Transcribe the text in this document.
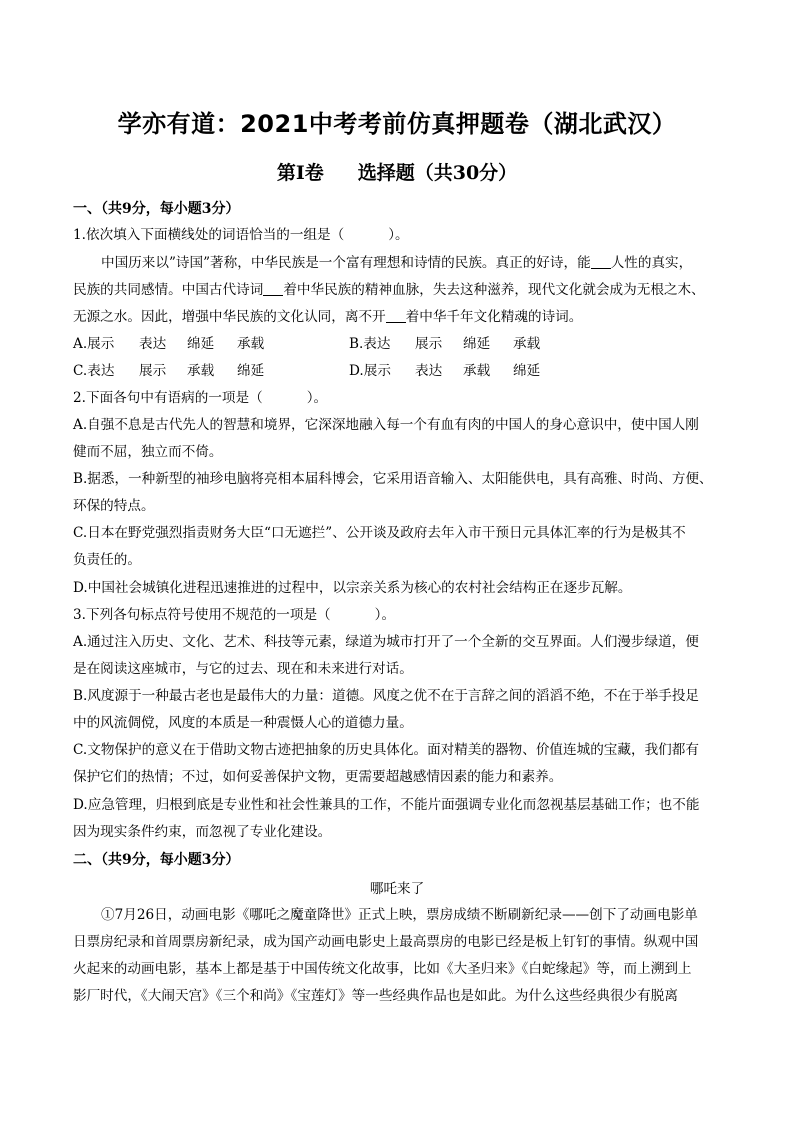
学亦有道：2021中考考前仿真押题卷（湖北武汉）
第Ⅰ卷 选择题（共30分）
一、（共9分，每小题3分）
1.依次填入下面横线处的词语恰当的一组是（	）。
中国历来以”诗国”著称，中华民族是一个富有理想和诗情的民族。真正的好诗，能 人性的真实，
民族的共同感情。中国古代诗词 着中华民族的精神血脉，失去这种滋养，现代文化就会成为无根之木、
无源之水。因此，增强中华民族的文化认同，离不开 着中华千年文化精魂的诗词。
A.展示 表达 绵延 承载	B.表达 展示 绵延 承载
C.表达 展示 承载 绵延	D.展示 表达 承载 绵延
2.下面各句中有语病的一项是（	）。
A.自强不息是古代先人的智慧和境界，它深深地融入每一个有血有肉的中国人的身心意识中，使中国人刚
健而不屈，独立而不倚。
B.据悉，一种新型的袖珍电脑将亮相本届科博会，它采用语音输入、太阳能供电，具有高雅、时尚、方便、
环保的特点。
C.日本在野党强烈指责财务大臣“口无遮拦”、公开谈及政府去年入市干预日元具体汇率的行为是极其不
负责任的。
D.中国社会城镇化进程迅速推进的过程中，以宗亲关系为核心的农村社会结构正在逐步瓦解。
3.下列各句标点符号使用不规范的一项是（	）。
A.通过注入历史、文化、艺术、科技等元素，绿道为城市打开了一个全新的交互界面。人们漫步绿道，便
是在阅读这座城市，与它的过去、现在和未来进行对话。
B.风度源于一种最古老也是最伟大的力量：道德。风度之优不在于言辞之间的滔滔不绝，不在于举手投足
中的风流倜傥，风度的本质是一种震慑人心的道德力量。
C.文物保护的意义在于借助文物古迹把抽象的历史具体化。面对精美的器物、价值连城的宝藏，我们都有
保护它们的热情；不过，如何妥善保护文物，更需要超越感情因素的能力和素养。
D.应急管理，归根到底是专业性和社会性兼具的工作，不能片面强调专业化而忽视基层基础工作；也不能
因为现实条件约束，而忽视了专业化建设。
二、（共9分，每小题3分）
哪吒来了
①7月26日，动画电影《哪吒之魔童降世》正式上映，票房成绩不断刷新纪录——创下了动画电影单
日票房纪录和首周票房新纪录，成为国产动画电影史上最高票房的电影已经是板上钉钉的事情。纵观中国
火起来的动画电影，基本上都是基于中国传统文化故事，比如《大圣归来》《白蛇缘起》等，而上溯到上
影厂时代，《大闹天宫》《三个和尚》《宝莲灯》等一些经典作品也是如此。为什么这些经典很少有脱离
